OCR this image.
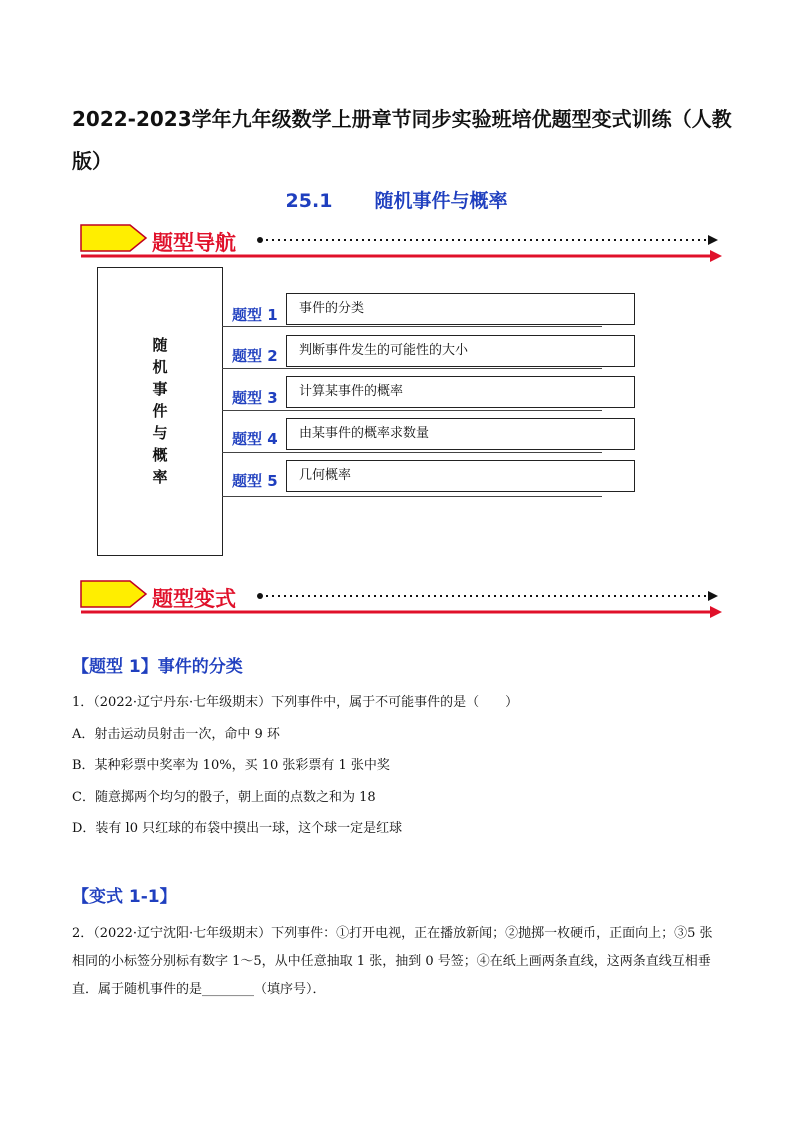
2022-2023学年九年级数学上册章节同步实验班培优题型变式训练（人教版）
25.1 随机事件与概率
题型导航
随
机
事
件
与
概
率
题型 1	事件的分类
题型 2	判断事件发生的可能性的大小
题型 3	计算某事件的概率
题型 4	由某事件的概率求数量
题型 5	几何概率
题型变式
【题型 1】事件的分类
1．（2022·辽宁丹东·七年级期末）下列事件中，属于不可能事件的是（　　）
A．射击运动员射击一次，命中 9 环
B．某种彩票中奖率为 10%，买 10 张彩票有 1 张中奖
C．随意掷两个均匀的骰子，朝上面的点数之和为 18
D．装有 l0 只红球的布袋中摸出一球，这个球一定是红球
【变式 1-1】
2．（2022·辽宁沈阳·七年级期末）下列事件：①打开电视，正在播放新闻；②抛掷一枚硬币，正面向上；③5 张相同的小标签分别标有数字 1～5，从中任意抽取 1 张，抽到 0 号签；④在纸上画两条直线，这两条直线互相垂直．属于随机事件的是________（填序号）．
